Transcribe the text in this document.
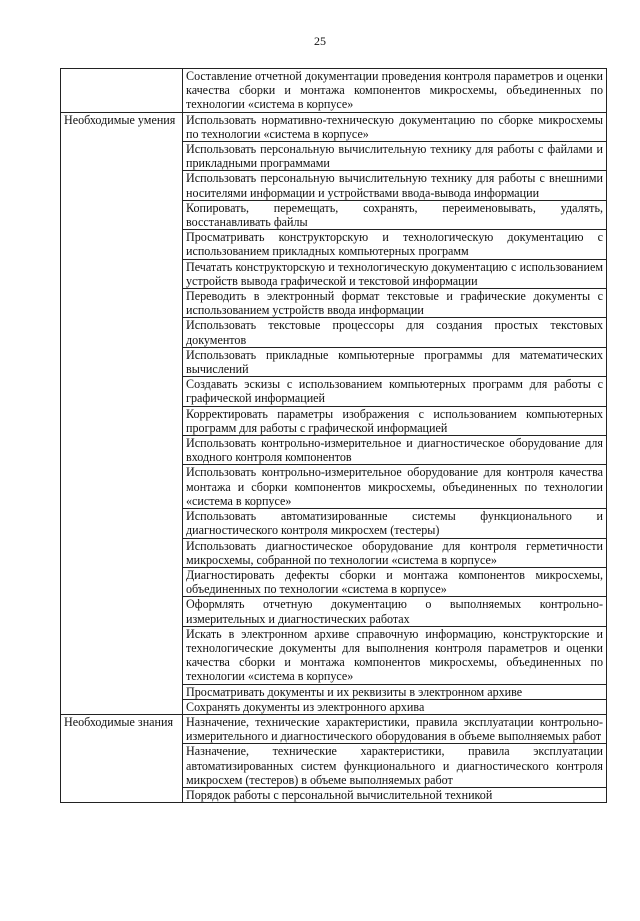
25
	Составление отчетной документации проведения контроля параметров и оценки качества сборки и монтажа компонентов микросхемы, объединенных по технологии «система в корпусе»
Необходимые умения	Использовать нормативно-техническую документацию по сборке микросхемы по технологии «система в корпусе»
	Использовать персональную вычислительную технику для работы с файлами и прикладными программами
	Использовать персональную вычислительную технику для работы с внешними носителями информации и устройствами ввода-вывода информации
	Копировать, перемещать, сохранять, переименовывать, удалять, восстанавливать файлы
	Просматривать конструкторскую и технологическую документацию с использованием прикладных компьютерных программ
	Печатать конструкторскую и технологическую документацию с использованием устройств вывода графической и текстовой информации
	Переводить в электронный формат текстовые и графические документы с использованием устройств ввода информации
	Использовать текстовые процессоры для создания простых текстовых документов
	Использовать прикладные компьютерные программы для математических вычислений
	Создавать эскизы с использованием компьютерных программ для работы с графической информацией
	Корректировать параметры изображения с использованием компьютерных программ для работы с графической информацией
	Использовать контрольно-измерительное и диагностическое оборудование для входного контроля компонентов
	Использовать контрольно-измерительное оборудование для контроля качества монтажа и сборки компонентов микросхемы, объединенных по технологии «система в корпусе»
	Использовать автоматизированные системы функционального и диагностического контроля микросхем (тестеры)
	Использовать диагностическое оборудование для контроля герметичности микросхемы, собранной по технологии «система в корпусе»
	Диагностировать дефекты сборки и монтажа компонентов микросхемы, объединенных по технологии «система в корпусе»
	Оформлять отчетную документацию о выполняемых контрольно-измерительных и диагностических работах
	Искать в электронном архиве справочную информацию, конструкторские и технологические документы для выполнения контроля параметров и оценки качества сборки и монтажа компонентов микросхемы, объединенных по технологии «система в корпусе»
	Просматривать документы и их реквизиты в электронном архиве
	Сохранять документы из электронного архива
Необходимые знания	Назначение, технические характеристики, правила эксплуатации контрольно-измерительного и диагностического оборудования в объеме выполняемых работ
	Назначение, технические характеристики, правила эксплуатации автоматизированных систем функционального и диагностического контроля микросхем (тестеров) в объеме выполняемых работ
	Порядок работы с персональной вычислительной техникой
